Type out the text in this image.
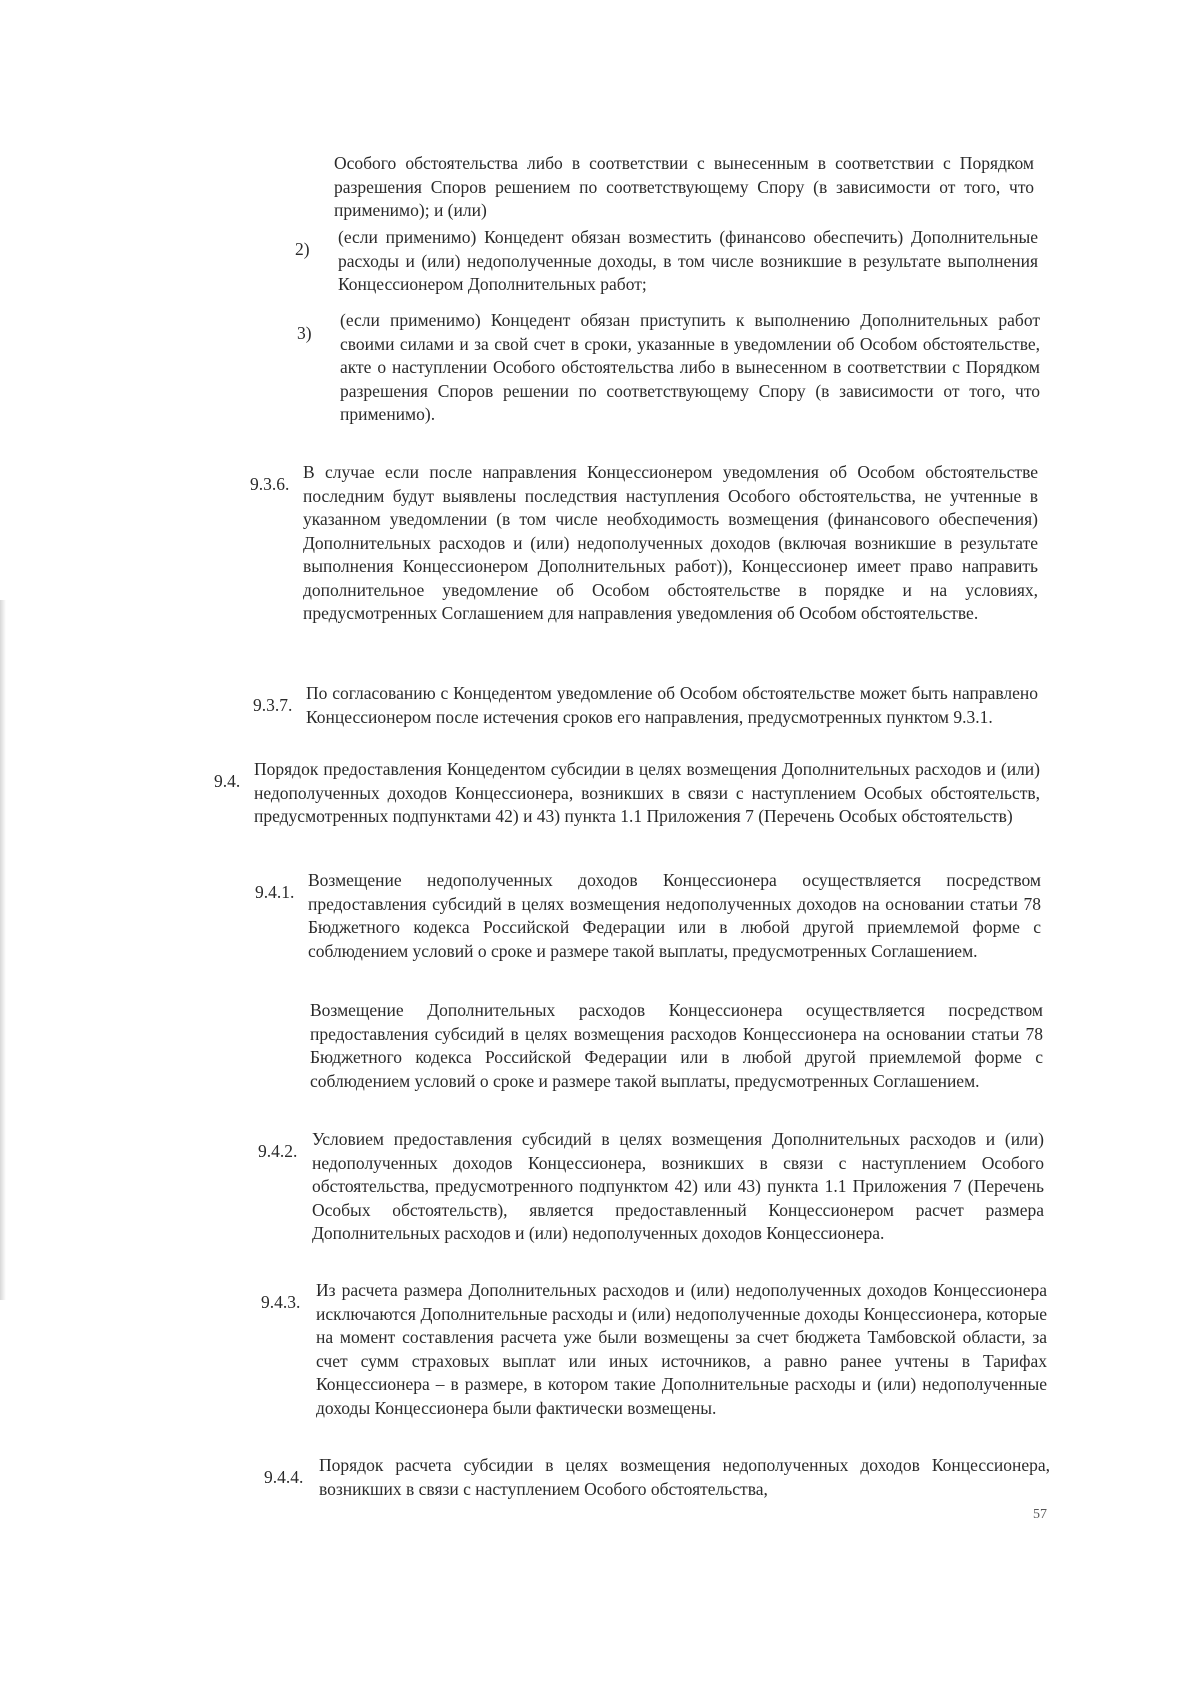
Особого обстоятельства либо в соответствии с вынесенным в соответствии с Порядком разрешения Споров решением по соответствующему Спору (в зависимости от того, что применимо); и (или)
2)
(если применимо) Концедент обязан возместить (финансово обеспечить) Дополнительные расходы и (или) недополученные доходы, в том числе возникшие в результате выполнения Концессионером Дополнительных работ;
3)
(если применимо) Концедент обязан приступить к выполнению Дополнительных работ своими силами и за свой счет в сроки, указанные в уведомлении об Особом обстоятельстве, акте о наступлении Особого обстоятельства либо в вынесенном в соответствии с Порядком разрешения Споров решении по соответствующему Спору (в зависимости от того, что применимо).
9.3.6.
В случае если после направления Концессионером уведомления об Особом обстоятельстве последним будут выявлены последствия наступления Особого обстоятельства, не учтенные в указанном уведомлении (в том числе необходимость возмещения (финансового обеспечения) Дополнительных расходов и (или) недополученных доходов (включая возникшие в результате выполнения Концессионером Дополнительных работ)), Концессионер имеет право направить дополнительное уведомление об Особом обстоятельстве в порядке и на условиях, предусмотренных Соглашением для направления уведомления об Особом обстоятельстве.
9.3.7.
По согласованию с Концедентом уведомление об Особом обстоятельстве может быть направлено Концессионером после истечения сроков его направления, предусмотренных пунктом 9.3.1.
9.4.
Порядок предоставления Концедентом субсидии в целях возмещения Дополнительных расходов и (или) недополученных доходов Концессионера, возникших в связи с наступлением Особых обстоятельств, предусмотренных подпунктами 42) и 43) пункта 1.1 Приложения 7 (Перечень Особых обстоятельств)
9.4.1.
Возмещение недополученных доходов Концессионера осуществляется посредством предоставления субсидий в целях возмещения недополученных доходов на основании статьи 78 Бюджетного кодекса Российской Федерации или в любой другой приемлемой форме с соблюдением условий о сроке и размере такой выплаты, предусмотренных Соглашением.
Возмещение Дополнительных расходов Концессионера осуществляется посредством предоставления субсидий в целях возмещения расходов Концессионера на основании статьи 78 Бюджетного кодекса Российской Федерации или в любой другой приемлемой форме с соблюдением условий о сроке и размере такой выплаты, предусмотренных Соглашением.
9.4.2.
Условием предоставления субсидий в целях возмещения Дополнительных расходов и (или) недополученных доходов Концессионера, возникших в связи с наступлением Особого обстоятельства, предусмотренного подпунктом 42) или 43) пункта 1.1 Приложения 7 (Перечень Особых обстоятельств), является предоставленный Концессионером расчет размера Дополнительных расходов и (или) недополученных доходов Концессионера.
9.4.3.
Из расчета размера Дополнительных расходов и (или) недополученных доходов Концессионера исключаются Дополнительные расходы и (или) недополученные доходы Концессионера, которые на момент составления расчета уже были возмещены за счет бюджета Тамбовской области, за счет сумм страховых выплат или иных источников, а равно ранее учтены в Тарифах Концессионера – в размере, в котором такие Дополнительные расходы и (или) недополученные доходы Концессионера были фактически возмещены.
9.4.4.
Порядок расчета субсидии в целях возмещения недополученных доходов Концессионера, возникших в связи с наступлением Особого обстоятельства,
57
